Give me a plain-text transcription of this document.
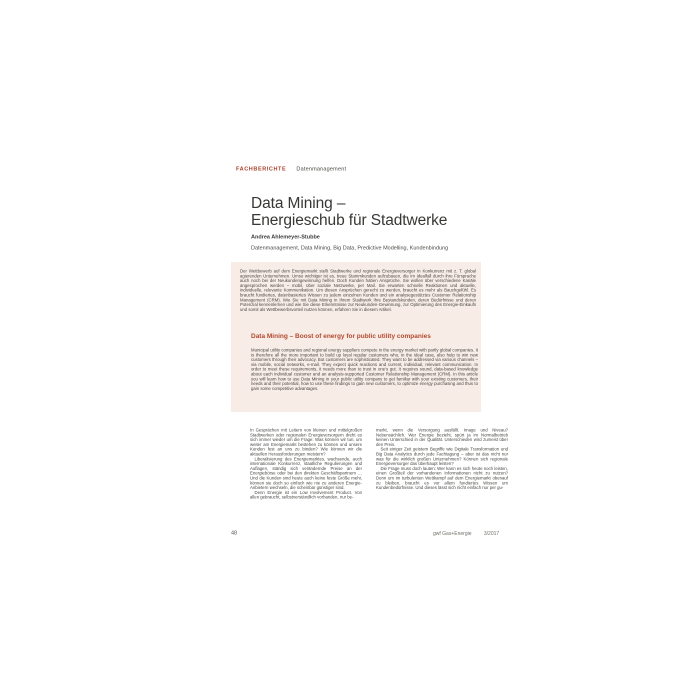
FACHBERICHTE Datenmanagement
Data Mining –
Energieschub für Stadtwerke
Andrea Ahlemeyer-Stubbe
Datenmanagement, Data Mining, Big Data, Predictive Modelling, Kundenbindung
Der Wettbewerb auf dem Energiemarkt stellt Stadtwerke und regionale Energieversorger in Konkurrenz mit z. T. global agierenden Unternehmen. Umso wichtiger ist es, treue Stammkunden aufzubauen, die im Idealfall durch ihre Fürsprache auch noch bei der Neukundengewinnung helfen. Doch Kunden haben Ansprüche. Sie wollen über verschiedene Kanäle angesprochen werden – mobil, über soziale Netzwerke, per Mail. Sie erwarten schnelle Reaktionen und aktuelle, individuelle, relevante Kommunikation. Um diesen Ansprüchen gerecht zu werden, braucht es mehr als Bauchgefühl. Es braucht fundiertes, datenbasiertes Wissen zu jedem einzelnen Kunden und ein analysegestütztes Customer Relationship Management (CRM). Wie Sie mit Data Mining in Ihrem Stadtwerk Ihre Bestandskunden, deren Bedürfnisse und deren Potenzial kennenlernen und wie Sie diese Erkenntnisse zur Neukunden-Gewinnung, zur Optimierung des Energie-Einkaufs und somit als Wettbewerbsvorteil nutzen können, erfahren Sie in diesem Artikel.
Data Mining – Boost of energy for public utility companies
Municipal utility companies and regional energy suppliers compete in the energy market with partly global companies. It is therefore all the more important to build up loyal regular customers who, in the ideal case, also help to win new customers through their advocacy. But customers are sophisticated. They want to be addressed via various channels – via mobile, social networks, e-mail. They expect quick reactions and current, individual, relevant communication. In order to meet these requirements, it needs more than to trust in one's gut. It requires sound, data-based knowledge about each individual customer and an analysis-supported Customer Relationship Management (CRM). In this article you will learn how to use Data Mining in your public utility company to get familiar with your existing customers, their needs and their potential, how to use these findings to gain new customers, to optimize energy purchasing and thus to gain some competitive advantages.

In Gesprächen mit Leitern von kleinen und mittelgroßen Stadtwerken oder regionalen Energieversorgern dreht es sich immer wieder um die Frage: Was können wir tun, um weiter am Energiemarkt bestehen zu können und unsere Kunden fest an uns zu binden? Wie können wir die aktuellen Herausforderungen meistern?

Liberalisierung des Energiemarktes, wachsende, auch internationale Konkurrenz, staatliche Regulierungen und Auflagen, ständig sich verändernde Preise an der Energiebörse oder bei den direkten Geschäftspartnern … Und die Kunden sind heute auch keine feste Größe mehr, können sie doch so einfach wie nie zu anderen Energie-Anbietern wechseln, die scheinbar günstiger sind.

Denn Energie ist ein Low Involvement Product. Von allen gebraucht, selbstverständlich vorhanden, nur be-

merkt, wenn die Versorgung ausfällt. Image und Niveau? Nebensächlich. Wer Energie bezieht, spürt ja im Normalbetrieb keinen Unterschied in der Qualität. Unterschieden wird zumeist über den Preis.

Seit einiger Zeit geistern Begriffe wie Digitale Transformation und Big Data Analytics durch jede Fachtagung – aber ist das nicht nur was für die wirklich großen Unternehmen? Können sich regionale Energieversorger das überhaupt leisten?

Die Frage muss doch lauten: Wer kann es sich heute noch leisten, einen Großteil der vorhandenen Informationen nicht zu nutzen? Denn um im turbulenten Wettkampf auf dem Energiemarkt obenauf zu bleiben, braucht es vor allem fundiertes Wissen um Kundenbedürfnisse. Und dieses lässt sich nicht einfach nur per gu-

48	gwf Gas+Energie 3/2017
